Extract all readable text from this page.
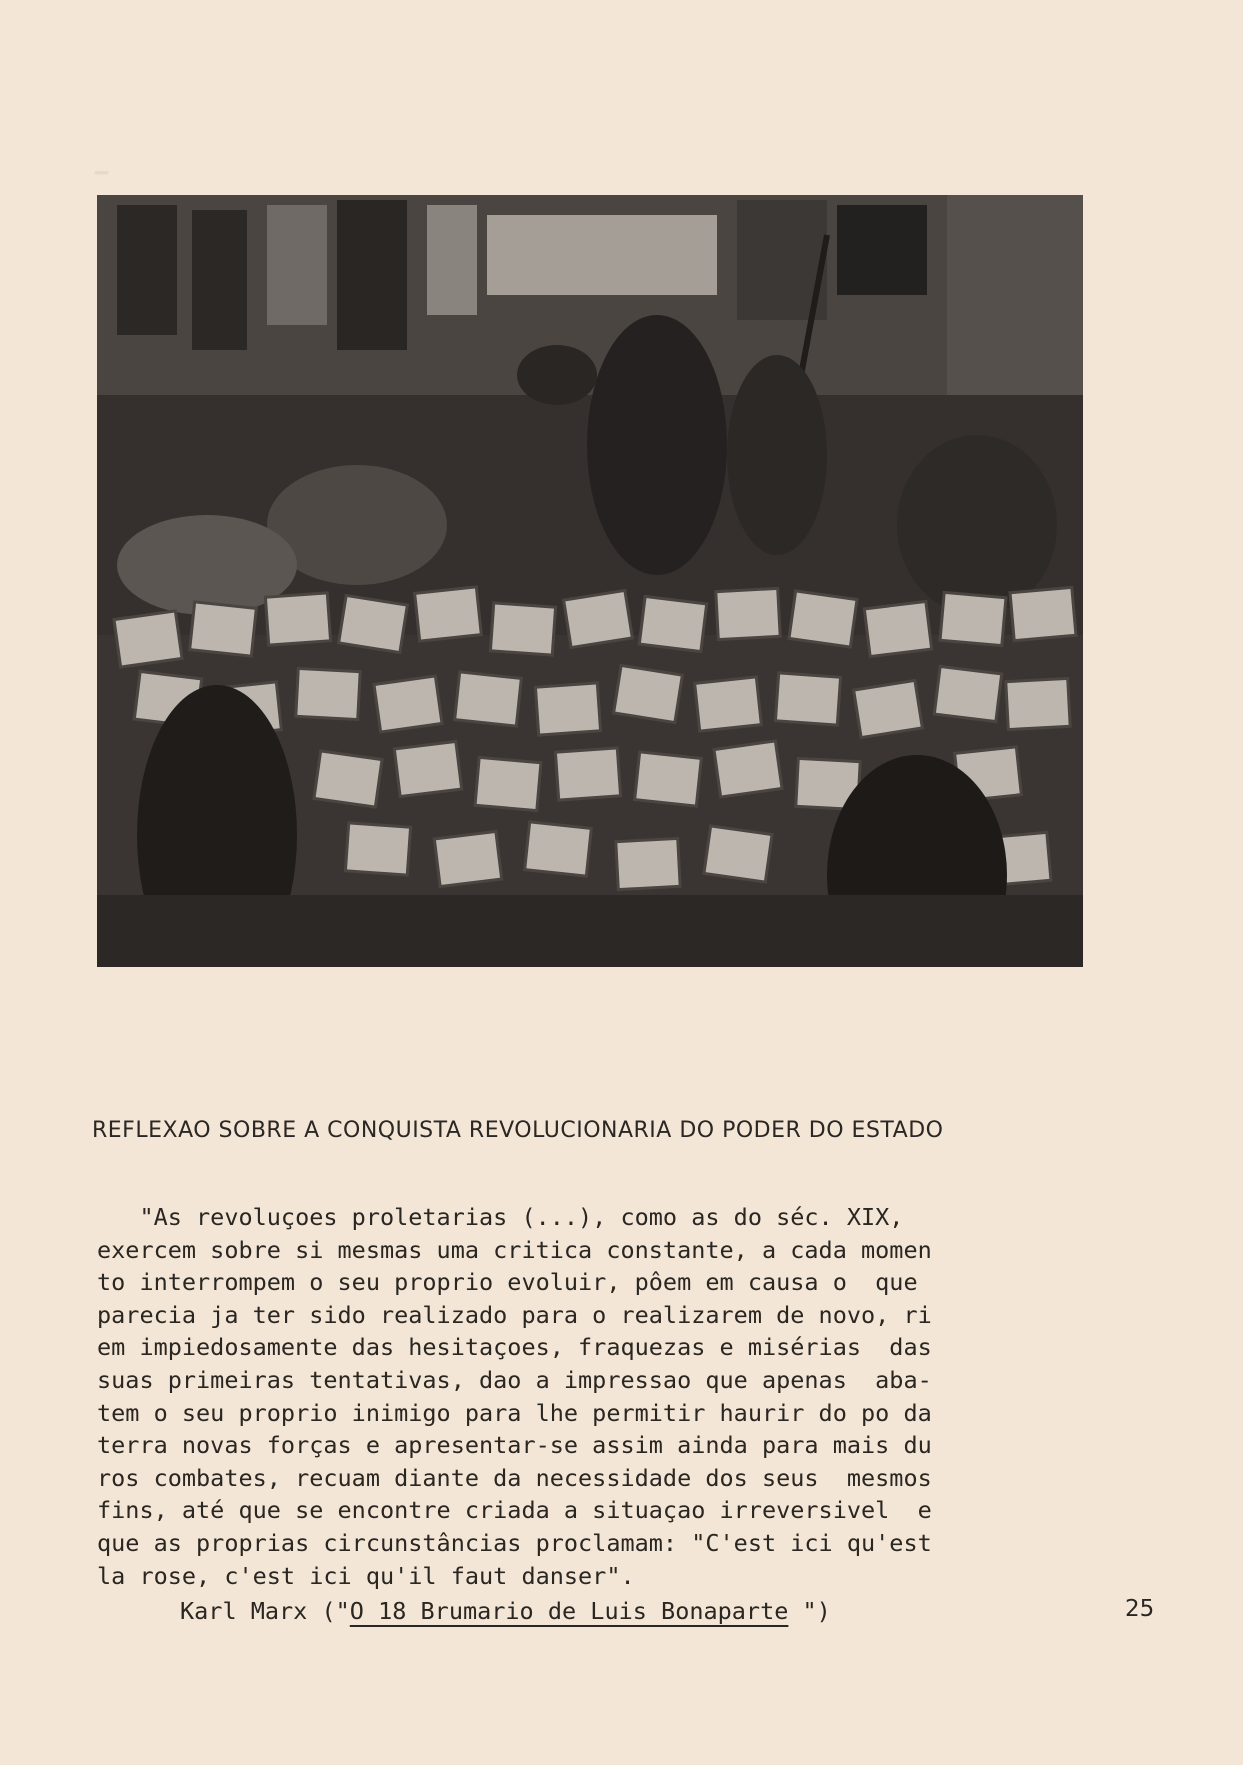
▁
REFLEXAO SOBRE A CONQUISTA REVOLUCIONARIA DO PODER DO ESTADO
"As revoluçoes proletarias (...), como as do séc. XIX,
exercem sobre si mesmas uma critica constante, a cada momen
to interrompem o seu proprio evoluir, pôem em causa o  que
parecia ja ter sido realizado para o realizarem de novo, ri
em impiedosamente das hesitaçoes, fraquezas e misérias  das
suas primeiras tentativas, dao a impressao que apenas  aba-
tem o seu proprio inimigo para lhe permitir haurir do po da
terra novas forças e apresentar-se assim ainda para mais du
ros combates, recuam diante da necessidade dos seus  mesmos
fins, até que se encontre criada a situaçao irreversivel  e
que as proprias circunstâncias proclamam: "C'est ici qu'est
la rose, c'est ici qu'il faut danser".
Karl Marx ("O 18 Brumario de Luis Bonaparte ")	25
